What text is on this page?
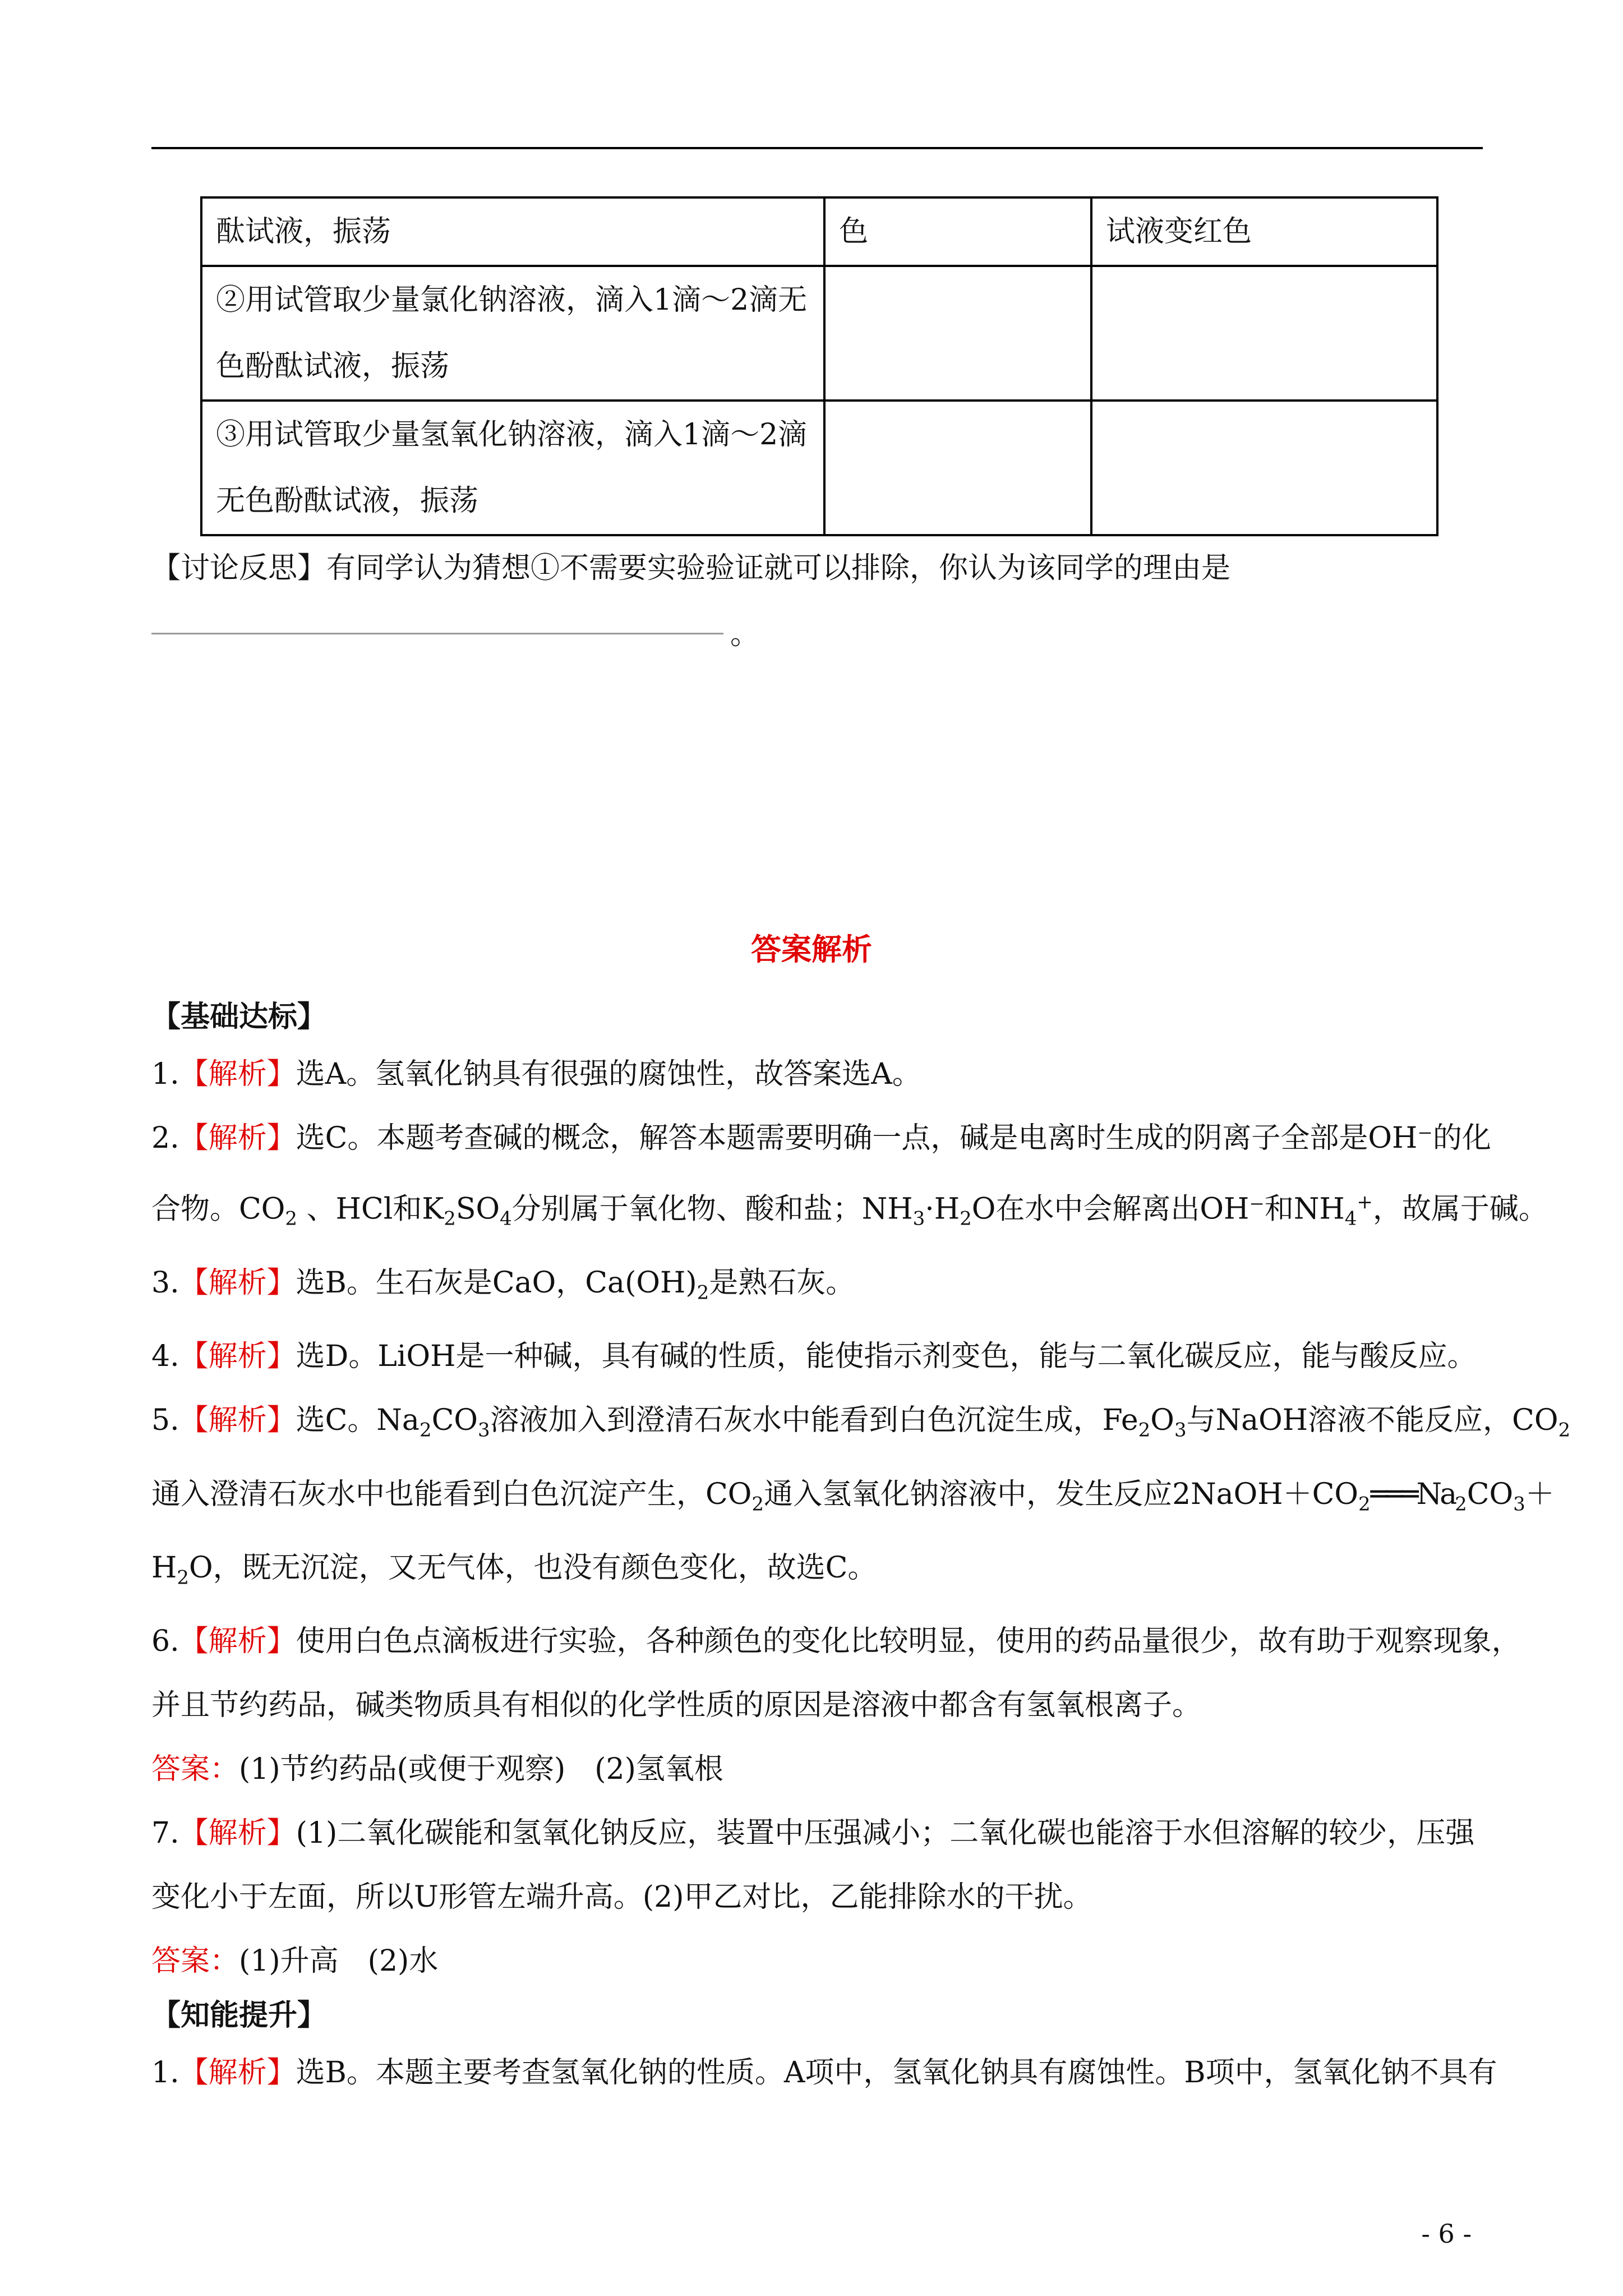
酞试液，振荡	色	试液变红色

②用试管取少量氯化钠溶液，滴入1滴～2滴无
色酚酞试液，振荡		

③用试管取少量氢氧化钠溶液，滴入1滴～2滴
无色酚酞试液，振荡		

【讨论反思】有同学认为猜想①不需要实验验证就可以排除，你认为该同学的理由是
。
答案解析
【基础达标】
1.【解析】选A。氢氧化钠具有很强的腐蚀性，故答案选A。
2.【解析】选C。本题考查碱的概念，解答本题需要明确一点，碱是电离时生成的阴离子全部是OH⁻的化
合物。$CO_2$ 、HCl和$K_2SO_4$分别属于氧化物、酸和盐；$NH_3\cdot H_2O$在水中会解离出OH⁻和$NH_4^+$，故属于碱。
3.【解析】选B。生石灰是CaO，$Ca(OH)_2$是熟石灰。
4.【解析】选D。LiOH是一种碱，具有碱的性质，能使指示剂变色，能与二氧化碳反应，能与酸反应。
5.【解析】选C。$Na_2CO_3$溶液加入到澄清石灰水中能看到白色沉淀生成，$Fe_2O_3$与NaOH溶液不能反应，$CO_2$
通入澄清石灰水中也能看到白色沉淀产生，$CO_2$通入氢氧化钠溶液中，发生反应$2NaOH+CO_2═══Na_2CO_3+$
$H_2O$，既无沉淀，又无气体，也没有颜色变化，故选C。
6.【解析】使用白色点滴板进行实验，各种颜色的变化比较明显，使用的药品量很少，故有助于观察现象，
并且节约药品，碱类物质具有相似的化学性质的原因是溶液中都含有氢氧根离子。
答案：(1)节约药品(或便于观察)　(2)氢氧根
7.【解析】(1)二氧化碳能和氢氧化钠反应，装置中压强减小；二氧化碳也能溶于水但溶解的较少，压强
变化小于左面，所以U形管左端升高。(2)甲乙对比，乙能排除水的干扰。
答案：(1)升高　(2)水
【知能提升】
1.【解析】选B。本题主要考查氢氧化钠的性质。A项中，氢氧化钠具有腐蚀性。B项中，氢氧化钠不具有
- 6 -
